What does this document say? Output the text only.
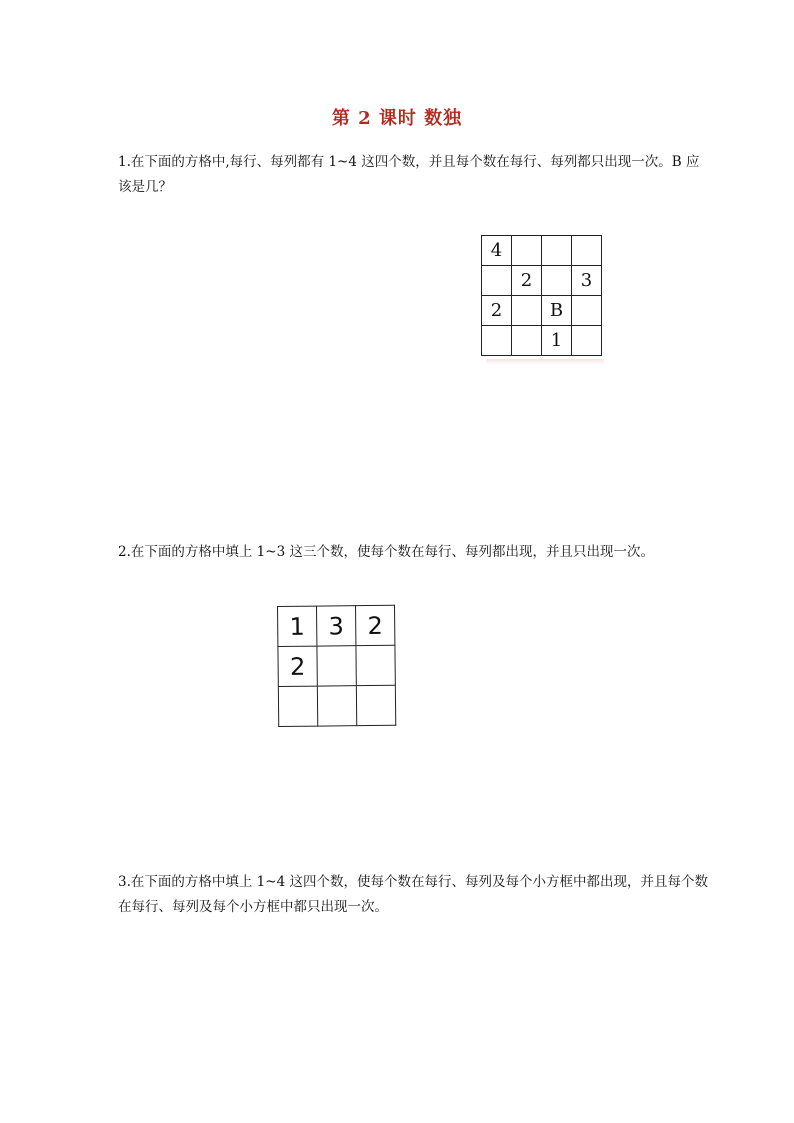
第 2 课时 数独
1.在下面的方格中,每行、每列都有 1~4 这四个数，并且每个数在每行、每列都只出现一次。B 应该是几？
4			
	2		3
2		B	
		1	
2.在下面的方格中填上 1~3 这三个数，使每个数在每行、每列都出现，并且只出现一次。
1	3	2
2		

3.在下面的方格中填上 1~4 这四个数，使每个数在每行、每列及每个小方框中都出现，并且每个数在每行、每列及每个小方框中都只出现一次。
